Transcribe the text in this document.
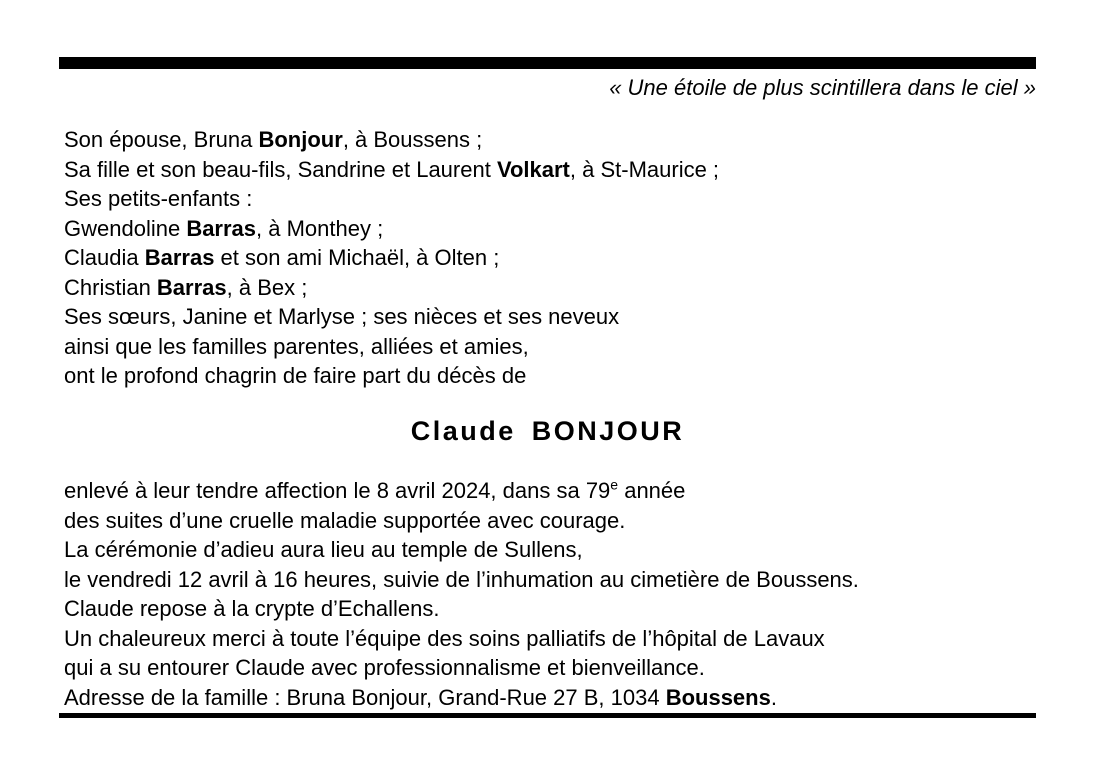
« Une étoile de plus scintillera dans le ciel »
Son épouse, Bruna Bonjour, à Boussens ;
Sa fille et son beau-fils, Sandrine et Laurent Volkart, à St-Maurice ;
Ses petits-enfants :
Gwendoline Barras, à Monthey ;
Claudia Barras et son ami Michaël, à Olten ;
Christian Barras, à Bex ;
Ses sœurs, Janine et Marlyse ; ses nièces et ses neveux
ainsi que les familles parentes, alliées et amies,
ont le profond chagrin de faire part du décès de
Claude BONJOUR
enlevé à leur tendre affection le 8 avril 2024, dans sa 79e année
des suites d’une cruelle maladie supportée avec courage.
La cérémonie d’adieu aura lieu au temple de Sullens,
le vendredi 12 avril à 16 heures, suivie de l’inhumation au cimetière de Boussens.
Claude repose à la crypte d’Echallens.
Un chaleureux merci à toute l’équipe des soins palliatifs de l’hôpital de Lavaux
qui a su entourer Claude avec professionnalisme et bienveillance.
Adresse de la famille : Bruna Bonjour, Grand-Rue 27 B, 1034 Boussens.
